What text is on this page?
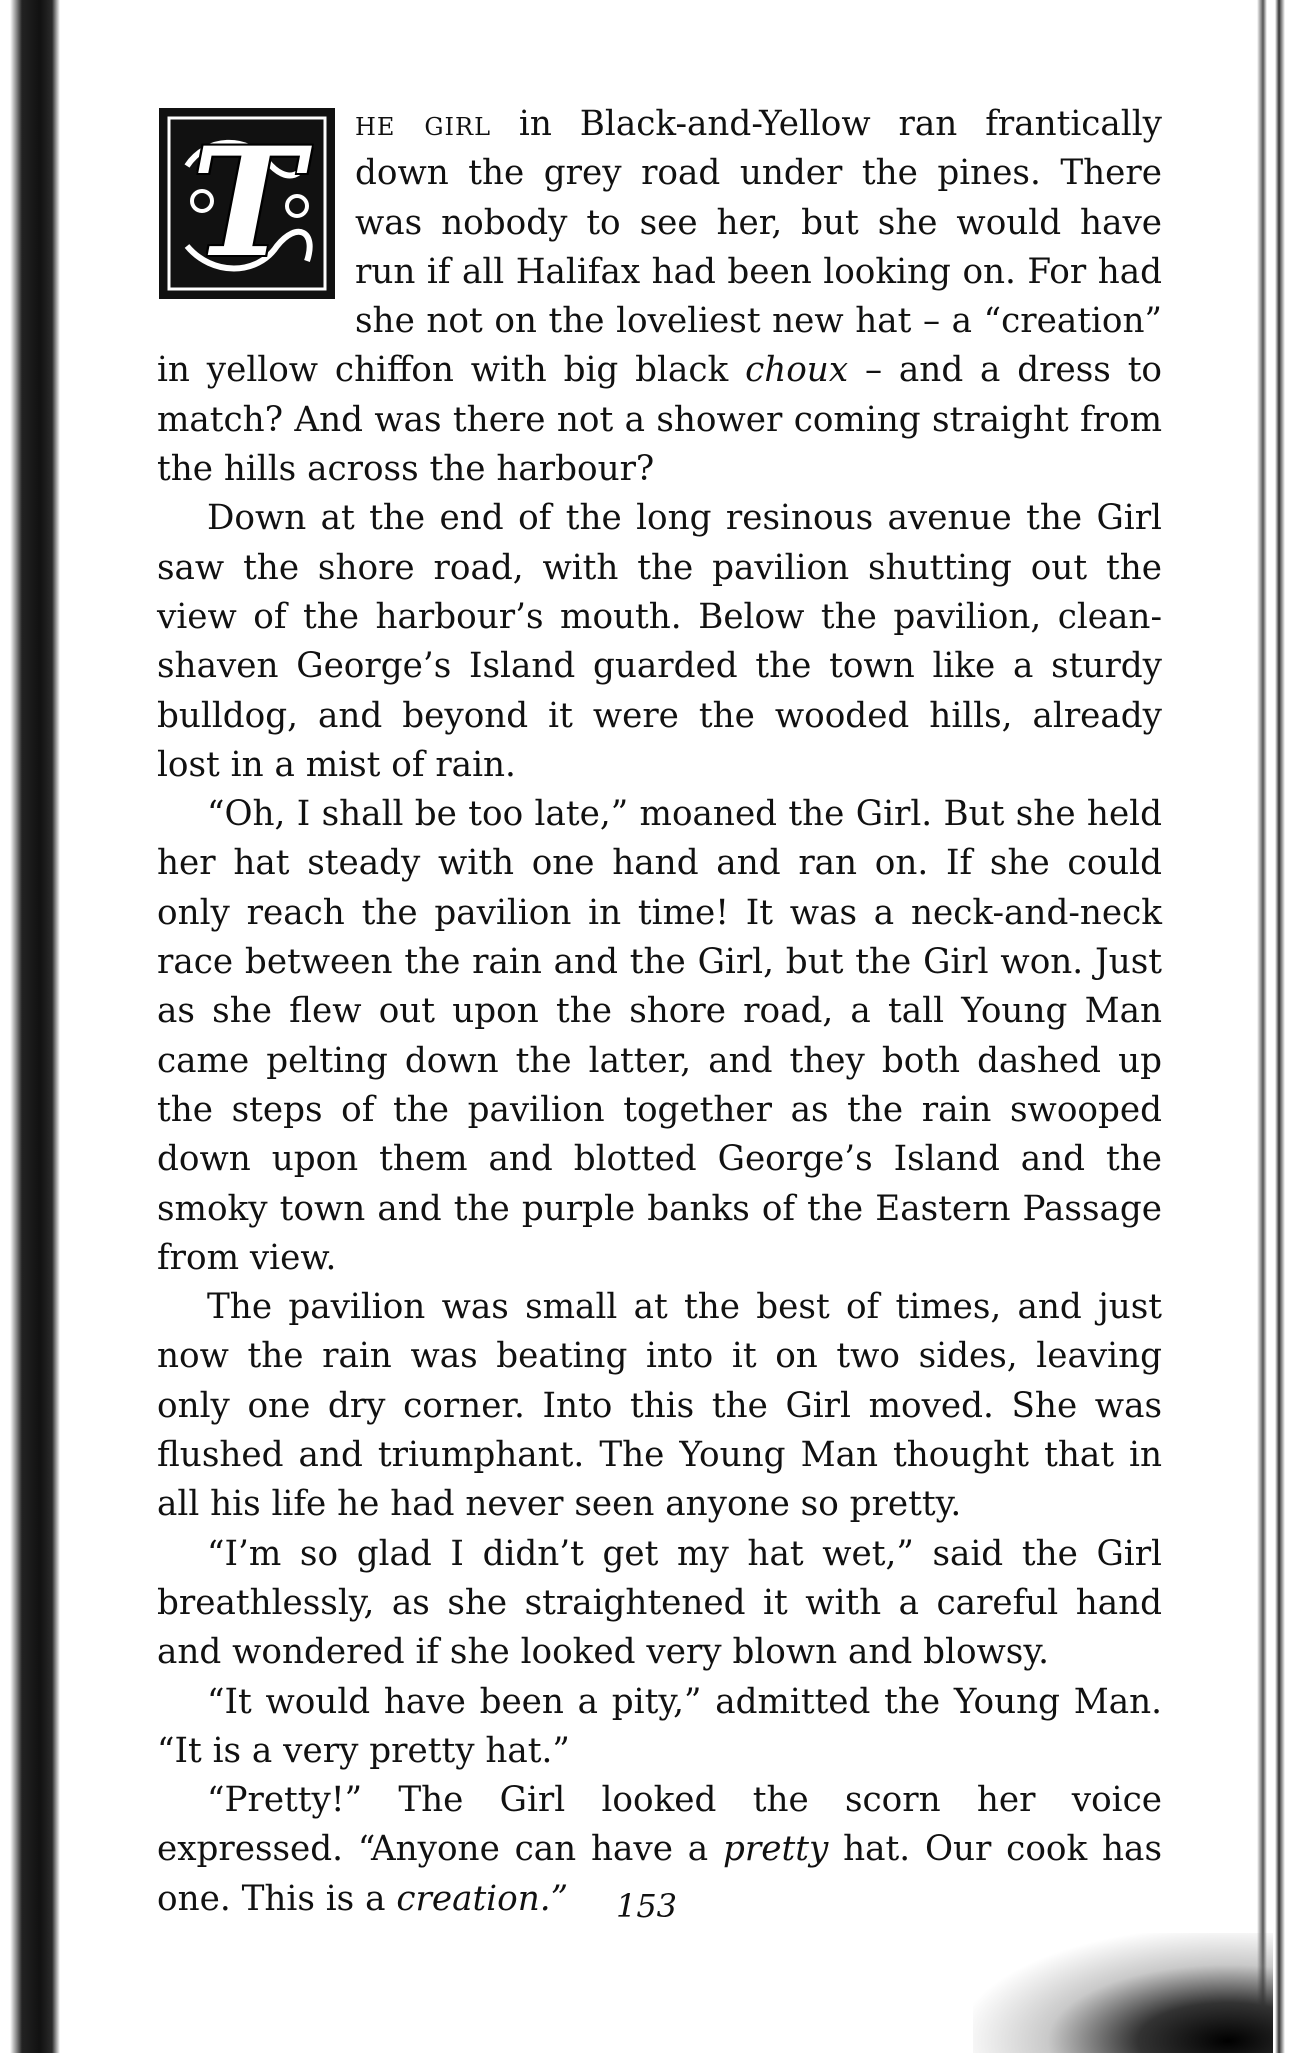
T	he girl in Black-and-Yellow ran frantically down the grey road under the pines. There was nobody to see her, but she would have run if all Halifax had been looking on. For had she not on the loveliest new hat – a “creation” in yellow chiffon with big black choux – and a dress to match? And was there not a shower coming straight from the hills across the harbour?

Down at the end of the long resinous avenue the Girl saw the shore road, with the pavilion shutting out the view of the harbour’s mouth. Below the pavilion, clean-shaven George’s Island guarded the town like a sturdy bulldog, and beyond it were the wooded hills, already lost in a mist of rain.

“Oh, I shall be too late,” moaned the Girl. But she held her hat steady with one hand and ran on. If she could only reach the pavilion in time! It was a neck-and-neck race between the rain and the Girl, but the Girl won. Just as she flew out upon the shore road, a tall Young Man came pelting down the latter, and they both dashed up the steps of the pavilion together as the rain swooped down upon them and blotted George’s Island and the smoky town and the purple banks of the Eastern Passage from view.

The pavilion was small at the best of times, and just now the rain was beating into it on two sides, leaving only one dry corner. Into this the Girl moved. She was flushed and triumphant. The Young Man thought that in all his life he had never seen anyone so pretty.

“I’m so glad I didn’t get my hat wet,” said the Girl breathlessly, as she straightened it with a careful hand and wondered if she looked very blown and blowsy.

“It would have been a pity,” admitted the Young Man. “It is a very pretty hat.”

“Pretty!” The Girl looked the scorn her voice expressed. “Anyone can have a pretty hat. Our cook has one. This is a creation.”	153
